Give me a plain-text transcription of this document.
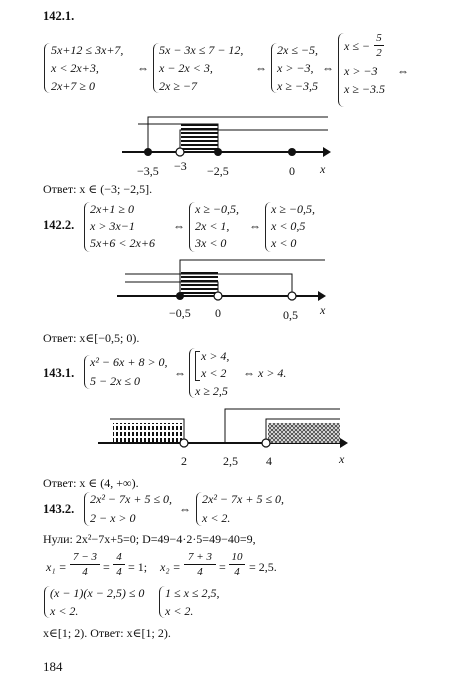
142.1.
5x+12 ≤ 3x+7,
x < 2x+3,
2x+7 ≥ 0
⇔
5x − 3x ≤ 7 − 12,
x − 2x < 3,
2x ≥ −7
⇔
2x ≤ −5,
x > −3,
x ≥ −3,5
⇔
x ≤ −
5
2
x > −3
x ≥ −3.5
⇔
−3,5 −3 −2,5	0 x
Ответ: x ∈ (−3; −2,5].
142.2.
2x+1 ≥ 0
x > 3x−1
5x+6 < 2x+6
⇔
x ≥ −0,5,
2x < 1,
3x < 0
⇔
x ≥ −0,5,
x < 0,5
x < 0
−0,5 0	0,5 x
Ответ: x∈[−0,5; 0).
143.1.
x² − 6x + 8 > 0,
5 − 2x ≤ 0
⇔
x > 4,
x < 2
x ≥ 2,5
⇔ x > 4.
2	2,5 4	x
Ответ: x ∈ (4, +∞).
143.2.
2x² − 7x + 5 ≤ 0,
2 − x > 0
⇔
2x² − 7x + 5 ≤ 0,
x < 2.
Нули: 2x²−7x+5=0; D=49−4·2·5=49−40=9,
x₁ =
7 − 3
4	=
4
4 = 1; x₂ =
7 + 3
4	=
10
4 = 2,5.
(x − 1)(x − 2,5) ≤ 0
x < 2.
1 ≤ x ≤ 2,5,
x < 2.
x∈[1; 2). Ответ: x∈[1; 2).
184
